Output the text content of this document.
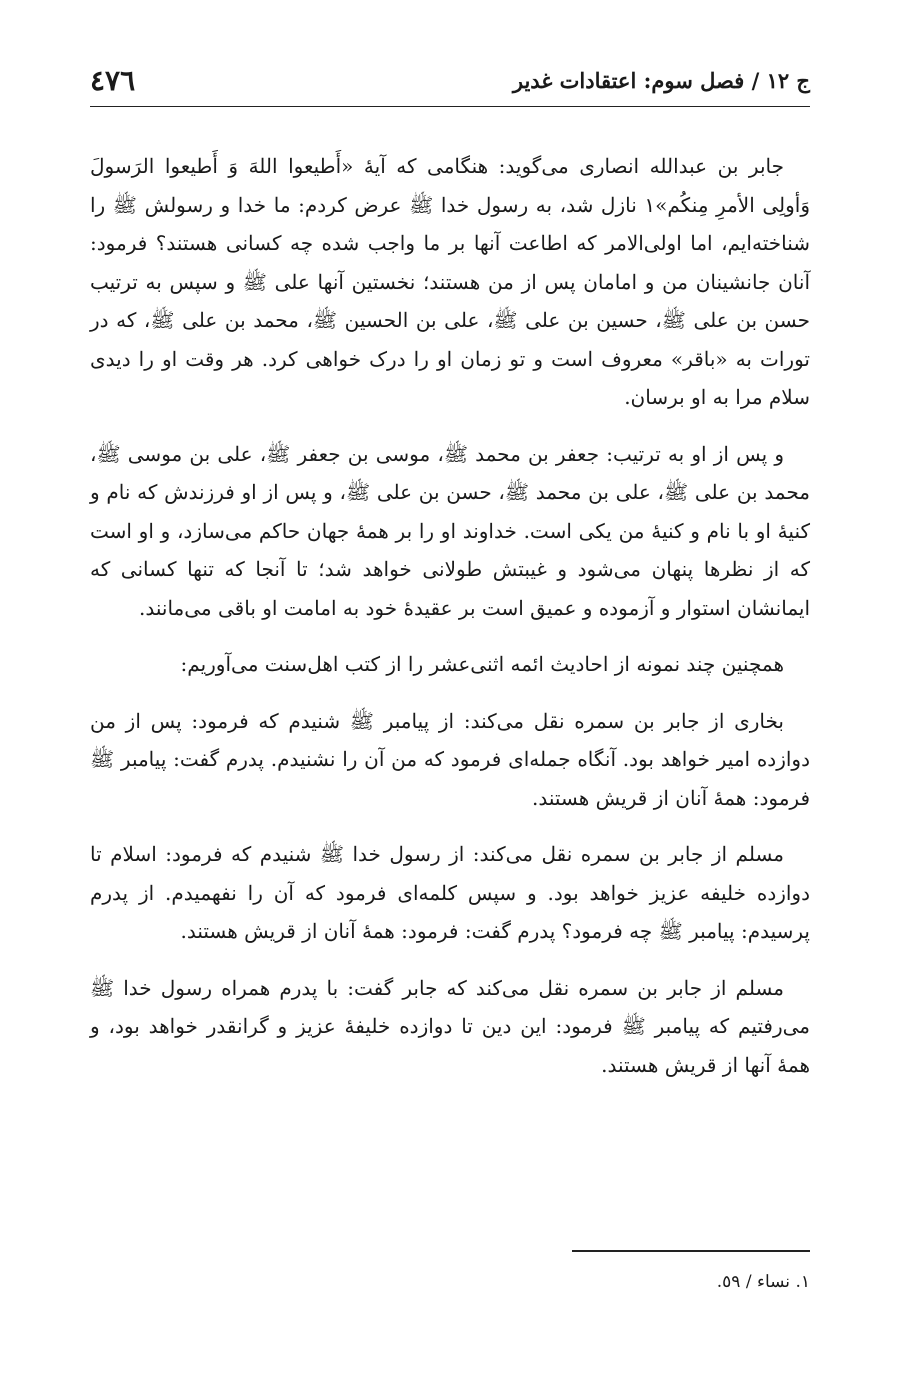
ج ١٢ / فصل سوم: اعتقادات غدیر
٤٧٦

جابر بن عبدالله انصاری می‌گوید: هنگامی که آیهٔ «أَطیعوا اللهَ وَ أَطیعوا الرَسولَ وَأولِی الأمرِ مِنکُم»١ نازل شد، به رسول خدا ﷺ عرض کردم: ما خدا و رسولش ﷺ را شناخته‌ایم، اما اولی‌الامر که اطاعت آنها بر ما واجب شده چه کسانی هستند؟ فرمود: آنان جانشینان من و امامان پس از من هستند؛ نخستین آنها علی ﷺ و سپس به ترتیب حسن بن علی ﷺ، حسین بن علی ﷺ، علی بن الحسین ﷺ، محمد بن علی ﷺ، که در تورات به «باقر» معروف است و تو زمان او را درک خواهی کرد. هر وقت او را دیدی سلام مرا به او برسان.

و پس از او به ترتیب: جعفر بن محمد ﷺ، موسی بن جعفر ﷺ، علی بن موسی ﷺ، محمد بن علی ﷺ، علی بن محمد ﷺ، حسن بن علی ﷺ، و پس از او فرزندش که نام و کنیهٔ او با نام و کنیهٔ من یکی است. خداوند او را بر همهٔ جهان حاکم می‌سازد، و او است که از نظرها پنهان می‌شود و غیبتش طولانی خواهد شد؛ تا آنجا که تنها کسانی که ایمانشان استوار و آزموده و عمیق است بر عقیدهٔ خود به امامت او باقی می‌مانند.

همچنین چند نمونه از احادیث ائمه اثنی‌عشر را از کتب اهل‌سنت می‌آوریم:

بخاری از جابر بن سمره نقل می‌کند: از پیامبر ﷺ شنیدم که فرمود: پس از من دوازده امیر خواهد بود. آنگاه جمله‌ای فرمود که من آن را نشنیدم. پدرم گفت: پیامبر ﷺ فرمود: همهٔ آنان از قریش هستند.

مسلم از جابر بن سمره نقل می‌کند: از رسول خدا ﷺ شنیدم که فرمود: اسلام تا دوازده خلیفه عزیز خواهد بود. و سپس کلمه‌ای فرمود که آن را نفهمیدم. از پدرم پرسیدم: پیامبر ﷺ چه فرمود؟ پدرم گفت: فرمود: همهٔ آنان از قریش هستند.

مسلم از جابر بن سمره نقل می‌کند که جابر گفت: با پدرم همراه رسول خدا ﷺ می‌رفتیم که پیامبر ﷺ فرمود: این دین تا دوازده خلیفهٔ عزیز و گرانقدر خواهد بود، و همهٔ آنها از قریش هستند.

١. نساء / ٥٩.
